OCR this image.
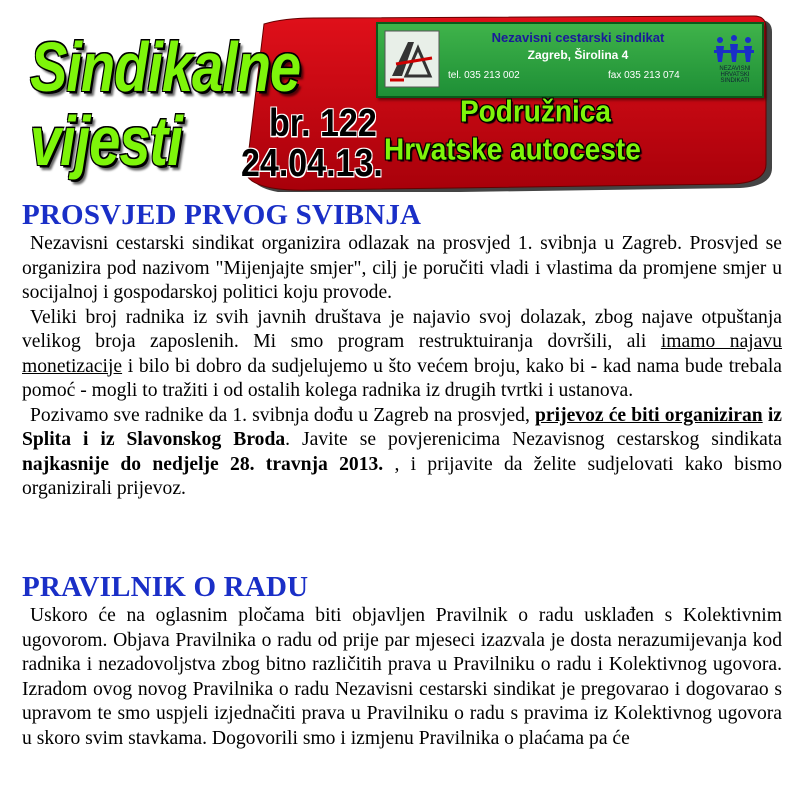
Sindikalne
vijesti	br. 122
24.04.13.
Nezavisni cestarski sindikat
Zagreb, Širolina 4
tel. 035 213 002	fax 035 213 074
NEZAVISNI HRVATSKI SINDIKATI
Podružnica
Hrvatske autoceste
PROSVJED PRVOG SVIBNJA

Nezavisni cestarski sindikat organizira odlazak na prosvjed 1. svibnja u Zagreb. Prosvjed se organizira pod nazivom "Mijenjajte smjer", cilj je poručiti vladi i vlastima da promjene smjer u socijalnoj i gospodarskoj politici koju provode.

Veliki broj radnika iz svih javnih društava je najavio svoj dolazak, zbog najave otpuštanja velikog broja zaposlenih. Mi smo program restruktuiranja dovršili, ali imamo najavu monetizacije i bilo bi dobro da sudjelujemo u što većem broju, kako bi - kad nama bude trebala pomoć - mogli to tražiti i od ostalih kolega radnika iz drugih tvrtki i ustanova.

Pozivamo sve radnike da 1. svibnja dođu u Zagreb na prosvjed, prijevoz će biti organiziran iz Splita i iz Slavonskog Broda. Javite se povjerenicima Nezavisnog cestarskog sindikata najkasnije do nedjelje 28. travnja 2013. , i prijavite da želite sudjelovati kako bismo organizirali prijevoz.

PRAVILNIK O RADU

Uskoro će na oglasnim pločama biti objavljen Pravilnik o radu usklađen s Kolektivnim ugovorom. Objava Pravilnika o radu od prije par mjeseci izazvala je dosta nerazumijevanja kod radnika i nezadovoljstva zbog bitno različitih prava u Pravilniku o radu i Kolektivnog ugovora. Izradom ovog novog Pravilnika o radu Nezavisni cestarski sindikat je pregovarao i dogovarao s upravom te smo uspjeli izjednačiti prava u Pravilniku o radu s pravima iz Kolektivnog ugovora u skoro svim stavkama. Dogovorili smo i izmjenu Pravilnika o plaćama pa će
